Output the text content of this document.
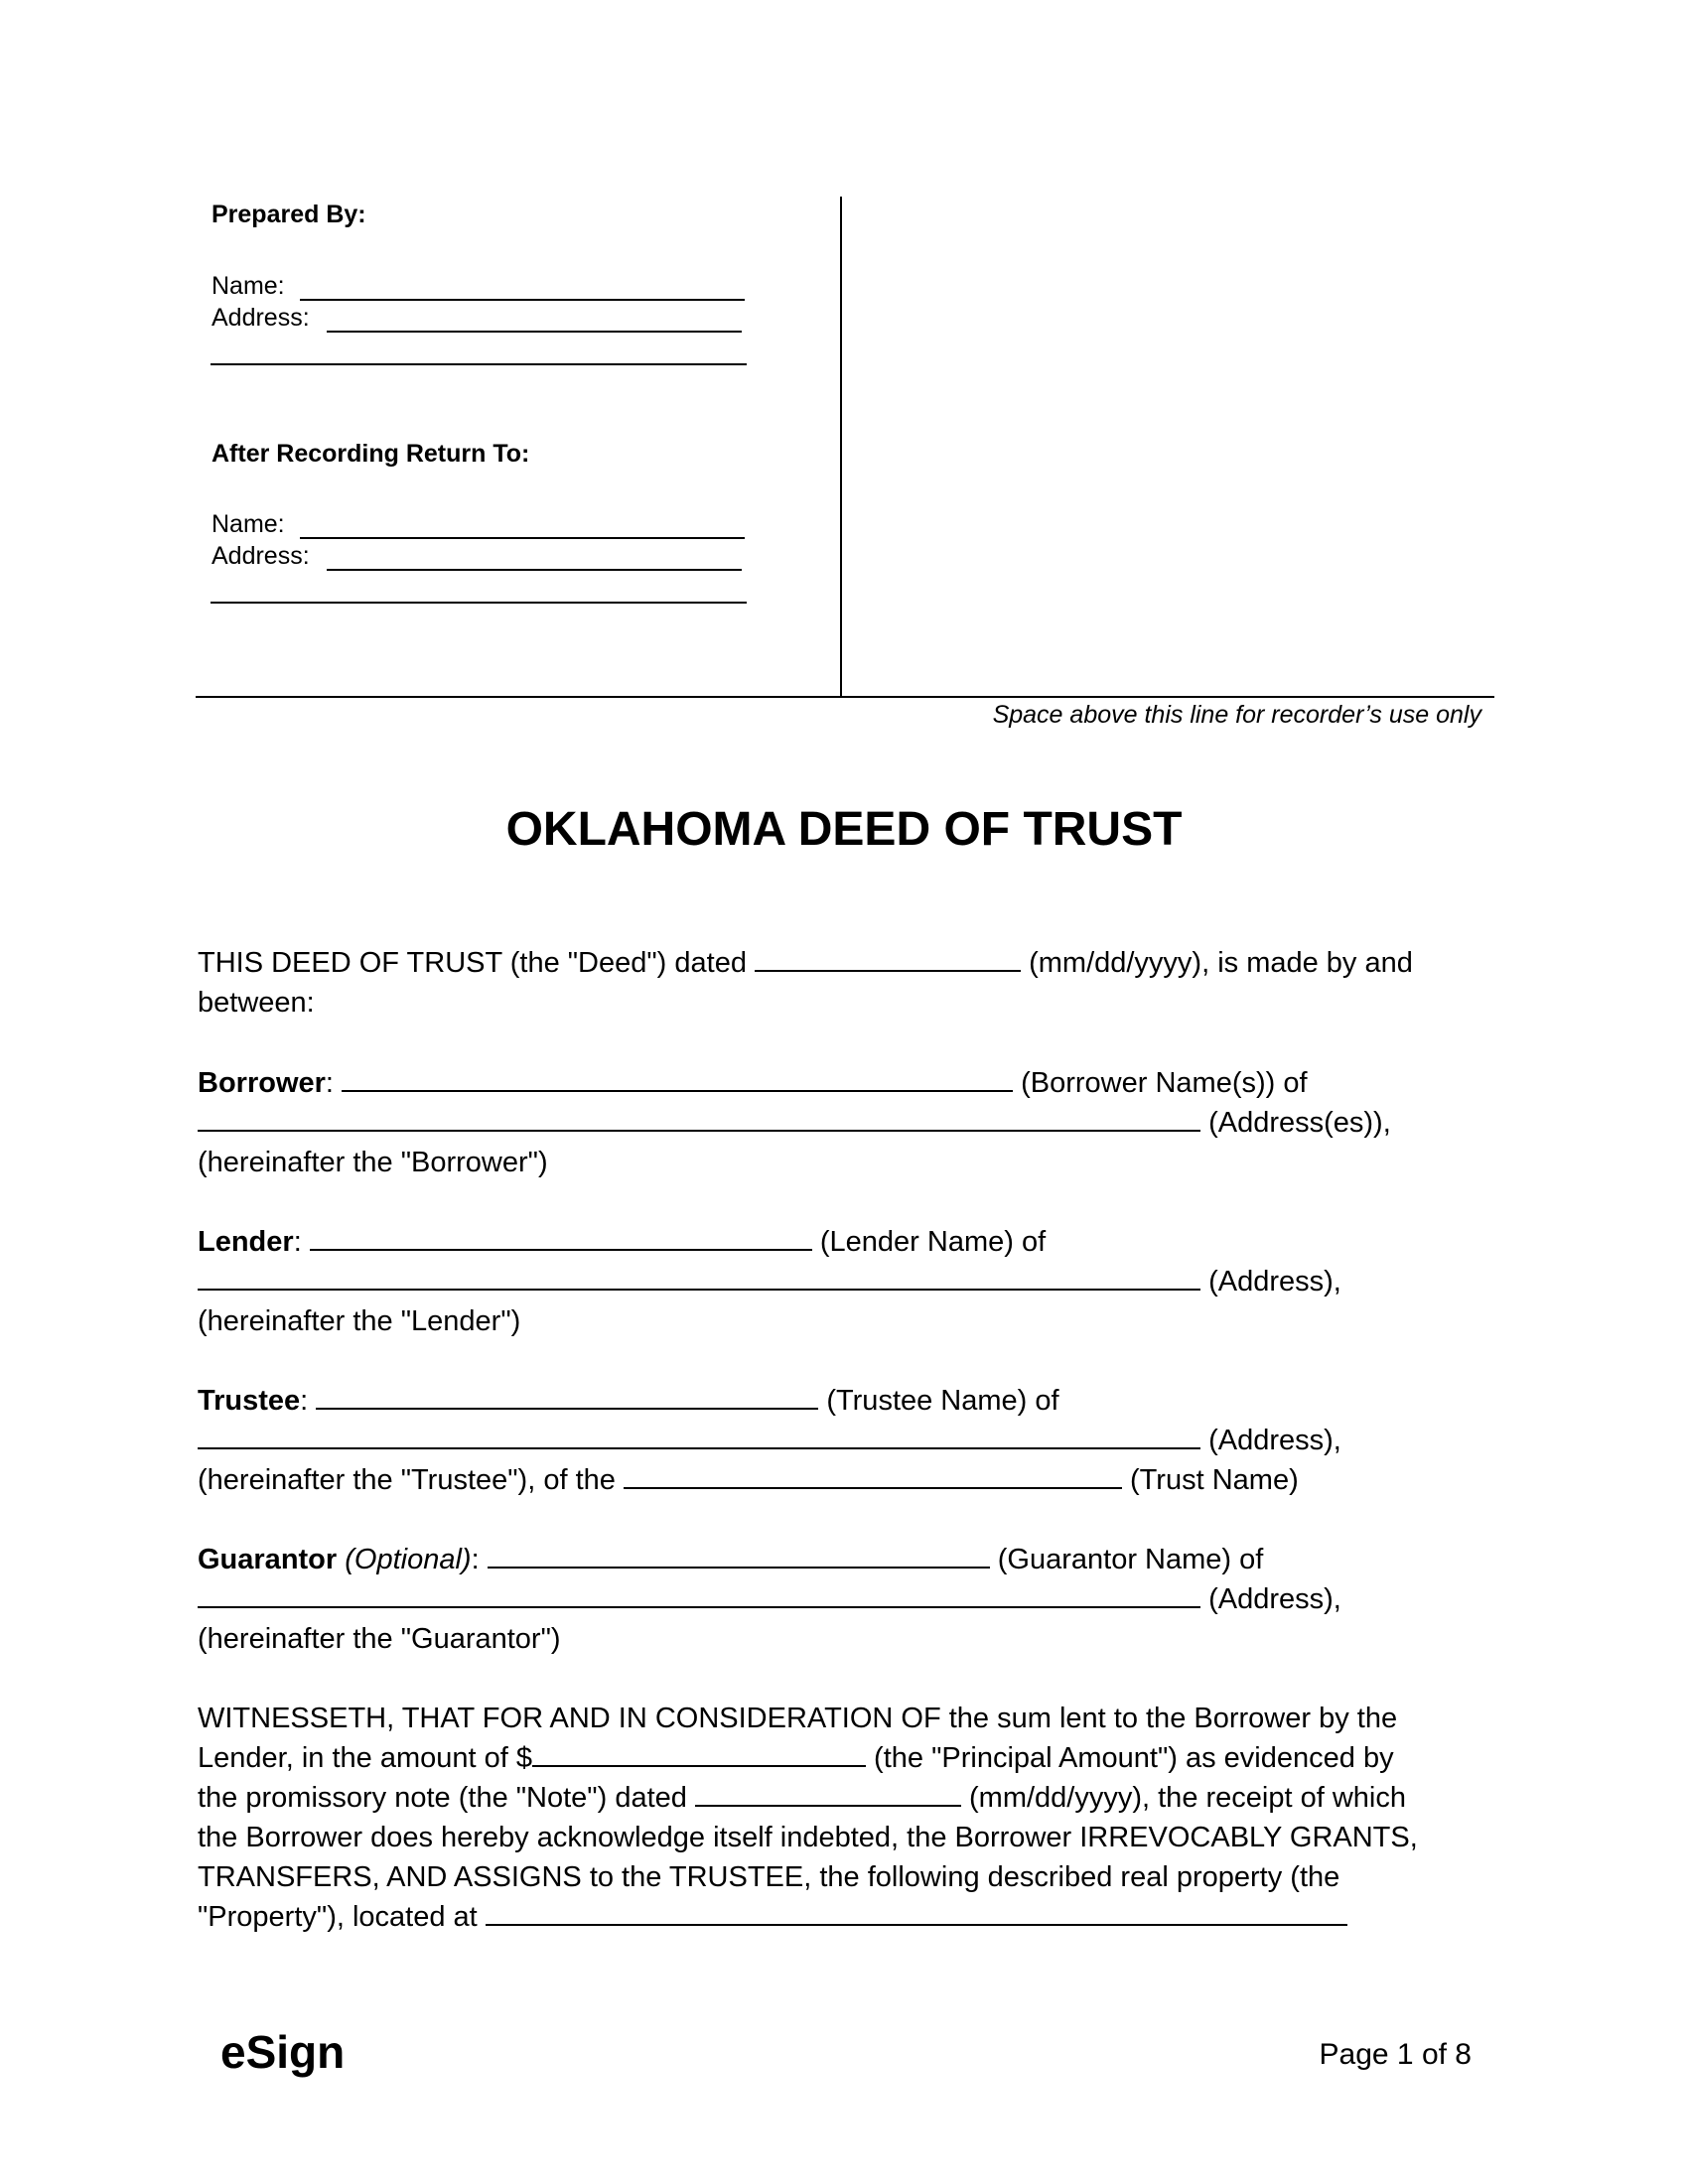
Prepared By:
Name:
Address:
After Recording Return To:
Name:
Address:
Space above this line for recorder’s use only
OKLAHOMA DEED OF TRUST
THIS DEED OF TRUST (the "Deed") dated	(mm/dd/yyyy), is made by and
between:
Borrower:	(Borrower Name(s)) of
(Address(es)),
(hereinafter the "Borrower")
Lender:	(Lender Name) of
(Address),
(hereinafter the "Lender")
Trustee:	(Trustee Name) of
(Address),
(hereinafter the "Trustee"), of the	(Trust Name)
Guarantor (Optional):	(Guarantor Name) of
(Address),
(hereinafter the "Guarantor")
WITNESSETH, THAT FOR AND IN CONSIDERATION OF the sum lent to the Borrower by the
Lender, in the amount of $	(the "Principal Amount") as evidenced by
the promissory note (the "Note") dated	(mm/dd/yyyy), the receipt of which
the Borrower does hereby acknowledge itself indebted, the Borrower IRREVOCABLY GRANTS,
TRANSFERS, AND ASSIGNS to the TRUSTEE, the following described real property (the
"Property"), located at
eSign	Page 1 of 8
